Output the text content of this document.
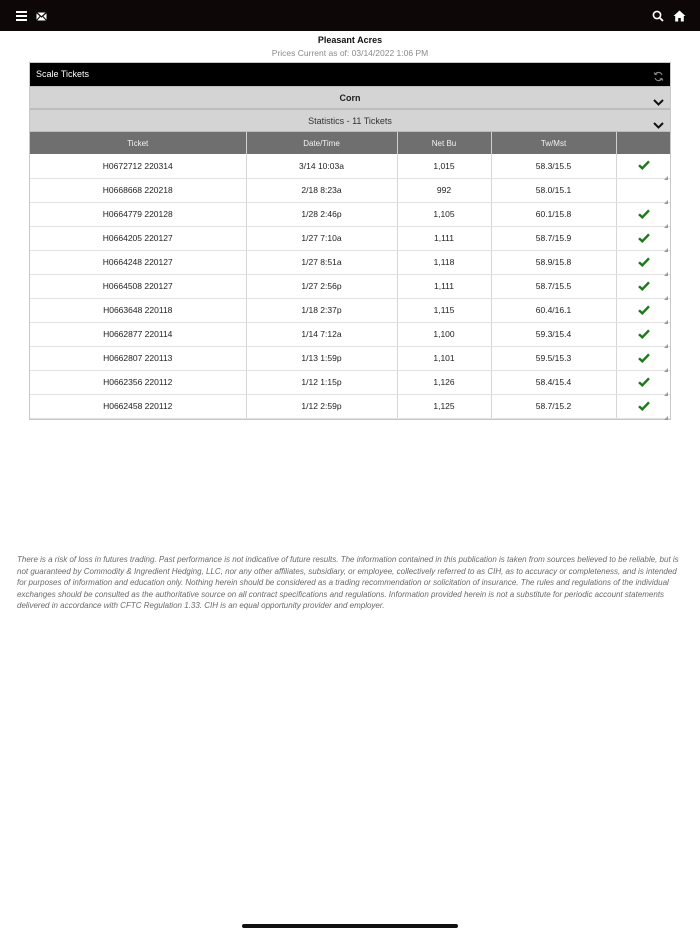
Pleasant Acres
Prices Current as of: 03/14/2022 1:06 PM
Scale Tickets
Corn
Statistics - 11 Tickets
Ticket	Date/Time	Net Bu	Tw/Mst	
H0672712 220314	3/14 10:03a	1,015	58.3/15.5	

H0668668 220218	2/18 8:23a	992	58.0/15.1	

H0664779 220128	1/28 2:46p	1,105	60.1/15.8	

H0664205 220127	1/27 7:10a	1,111	58.7/15.9	

H0664248 220127	1/27 8:51a	1,118	58.9/15.8	

H0664508 220127	1/27 2:56p	1,111	58.7/15.5	

H0663648 220118	1/18 2:37p	1,115	60.4/16.1	

H0662877 220114	1/14 7:12a	1,100	59.3/15.4	

H0662807 220113	1/13 1:59p	1,101	59.5/15.3	

H0662356 220112	1/12 1:15p	1,126	58.4/15.4	

H0662458 220112	1/12 2:59p	1,125	58.7/15.2	
There is a risk of loss in futures trading. Past performance is not indicative of future results. The information contained in this publication is taken from sources believed to be reliable, but is not guaranteed by Commodity & Ingredient Hedging, LLC, nor any other affiliates, subsidiary, or employee, collectively referred to as CIH, as to accuracy or completeness, and is intended for purposes of information and education only. Nothing herein should be considered as a trading recommendation or solicitation of insurance. The rules and regulations of the individual exchanges should be consulted as the authoritative source on all contract specifications and regulations. Information provided herein is not a substitute for periodic account statements delivered in accordance with CFTC Regulation 1.33. CIH is an equal opportunity provider and employer.
